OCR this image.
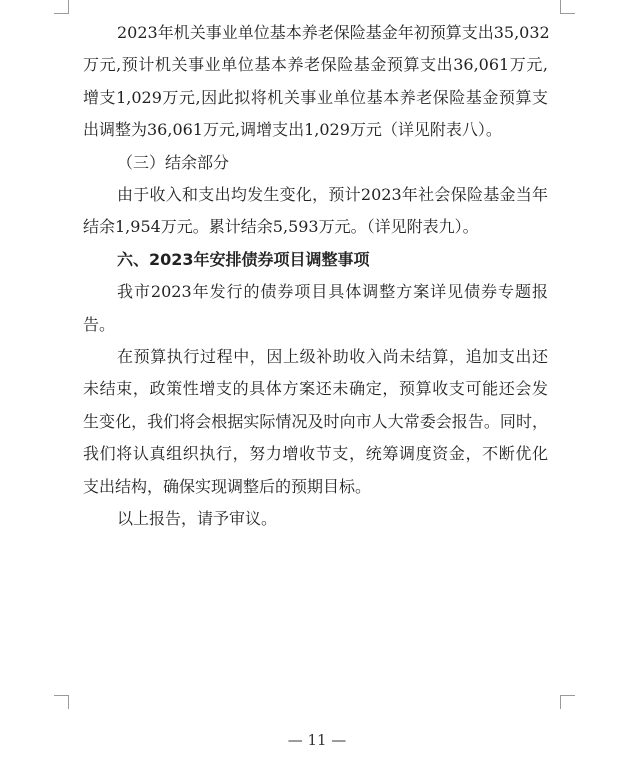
2023年机关事业单位基本养老保险基金年初预算支出35,032
万元,预计机关事业单位基本养老保险基金预算支出36,061万元,
增支1,029万元,因此拟将机关事业单位基本养老保险基金预算支
出调整为36,061万元,调增支出1,029万元（详见附表八）。
（三）结余部分
由于收入和支出均发生变化，预计2023年社会保险基金当年
结余1,954万元。累计结余5,593万元。（详见附表九）。
六、2023年安排债券项目调整事项
我市2023年发行的债券项目具体调整方案详见债券专题报
告。
在预算执行过程中，因上级补助收入尚未结算，追加支出还
未结束，政策性增支的具体方案还未确定，预算收支可能还会发
生变化，我们将会根据实际情况及时向市人大常委会报告。同时，
我们将认真组织执行，努力增收节支，统筹调度资金，不断优化
支出结构，确保实现调整后的预期目标。
以上报告，请予审议。
— 11 —
